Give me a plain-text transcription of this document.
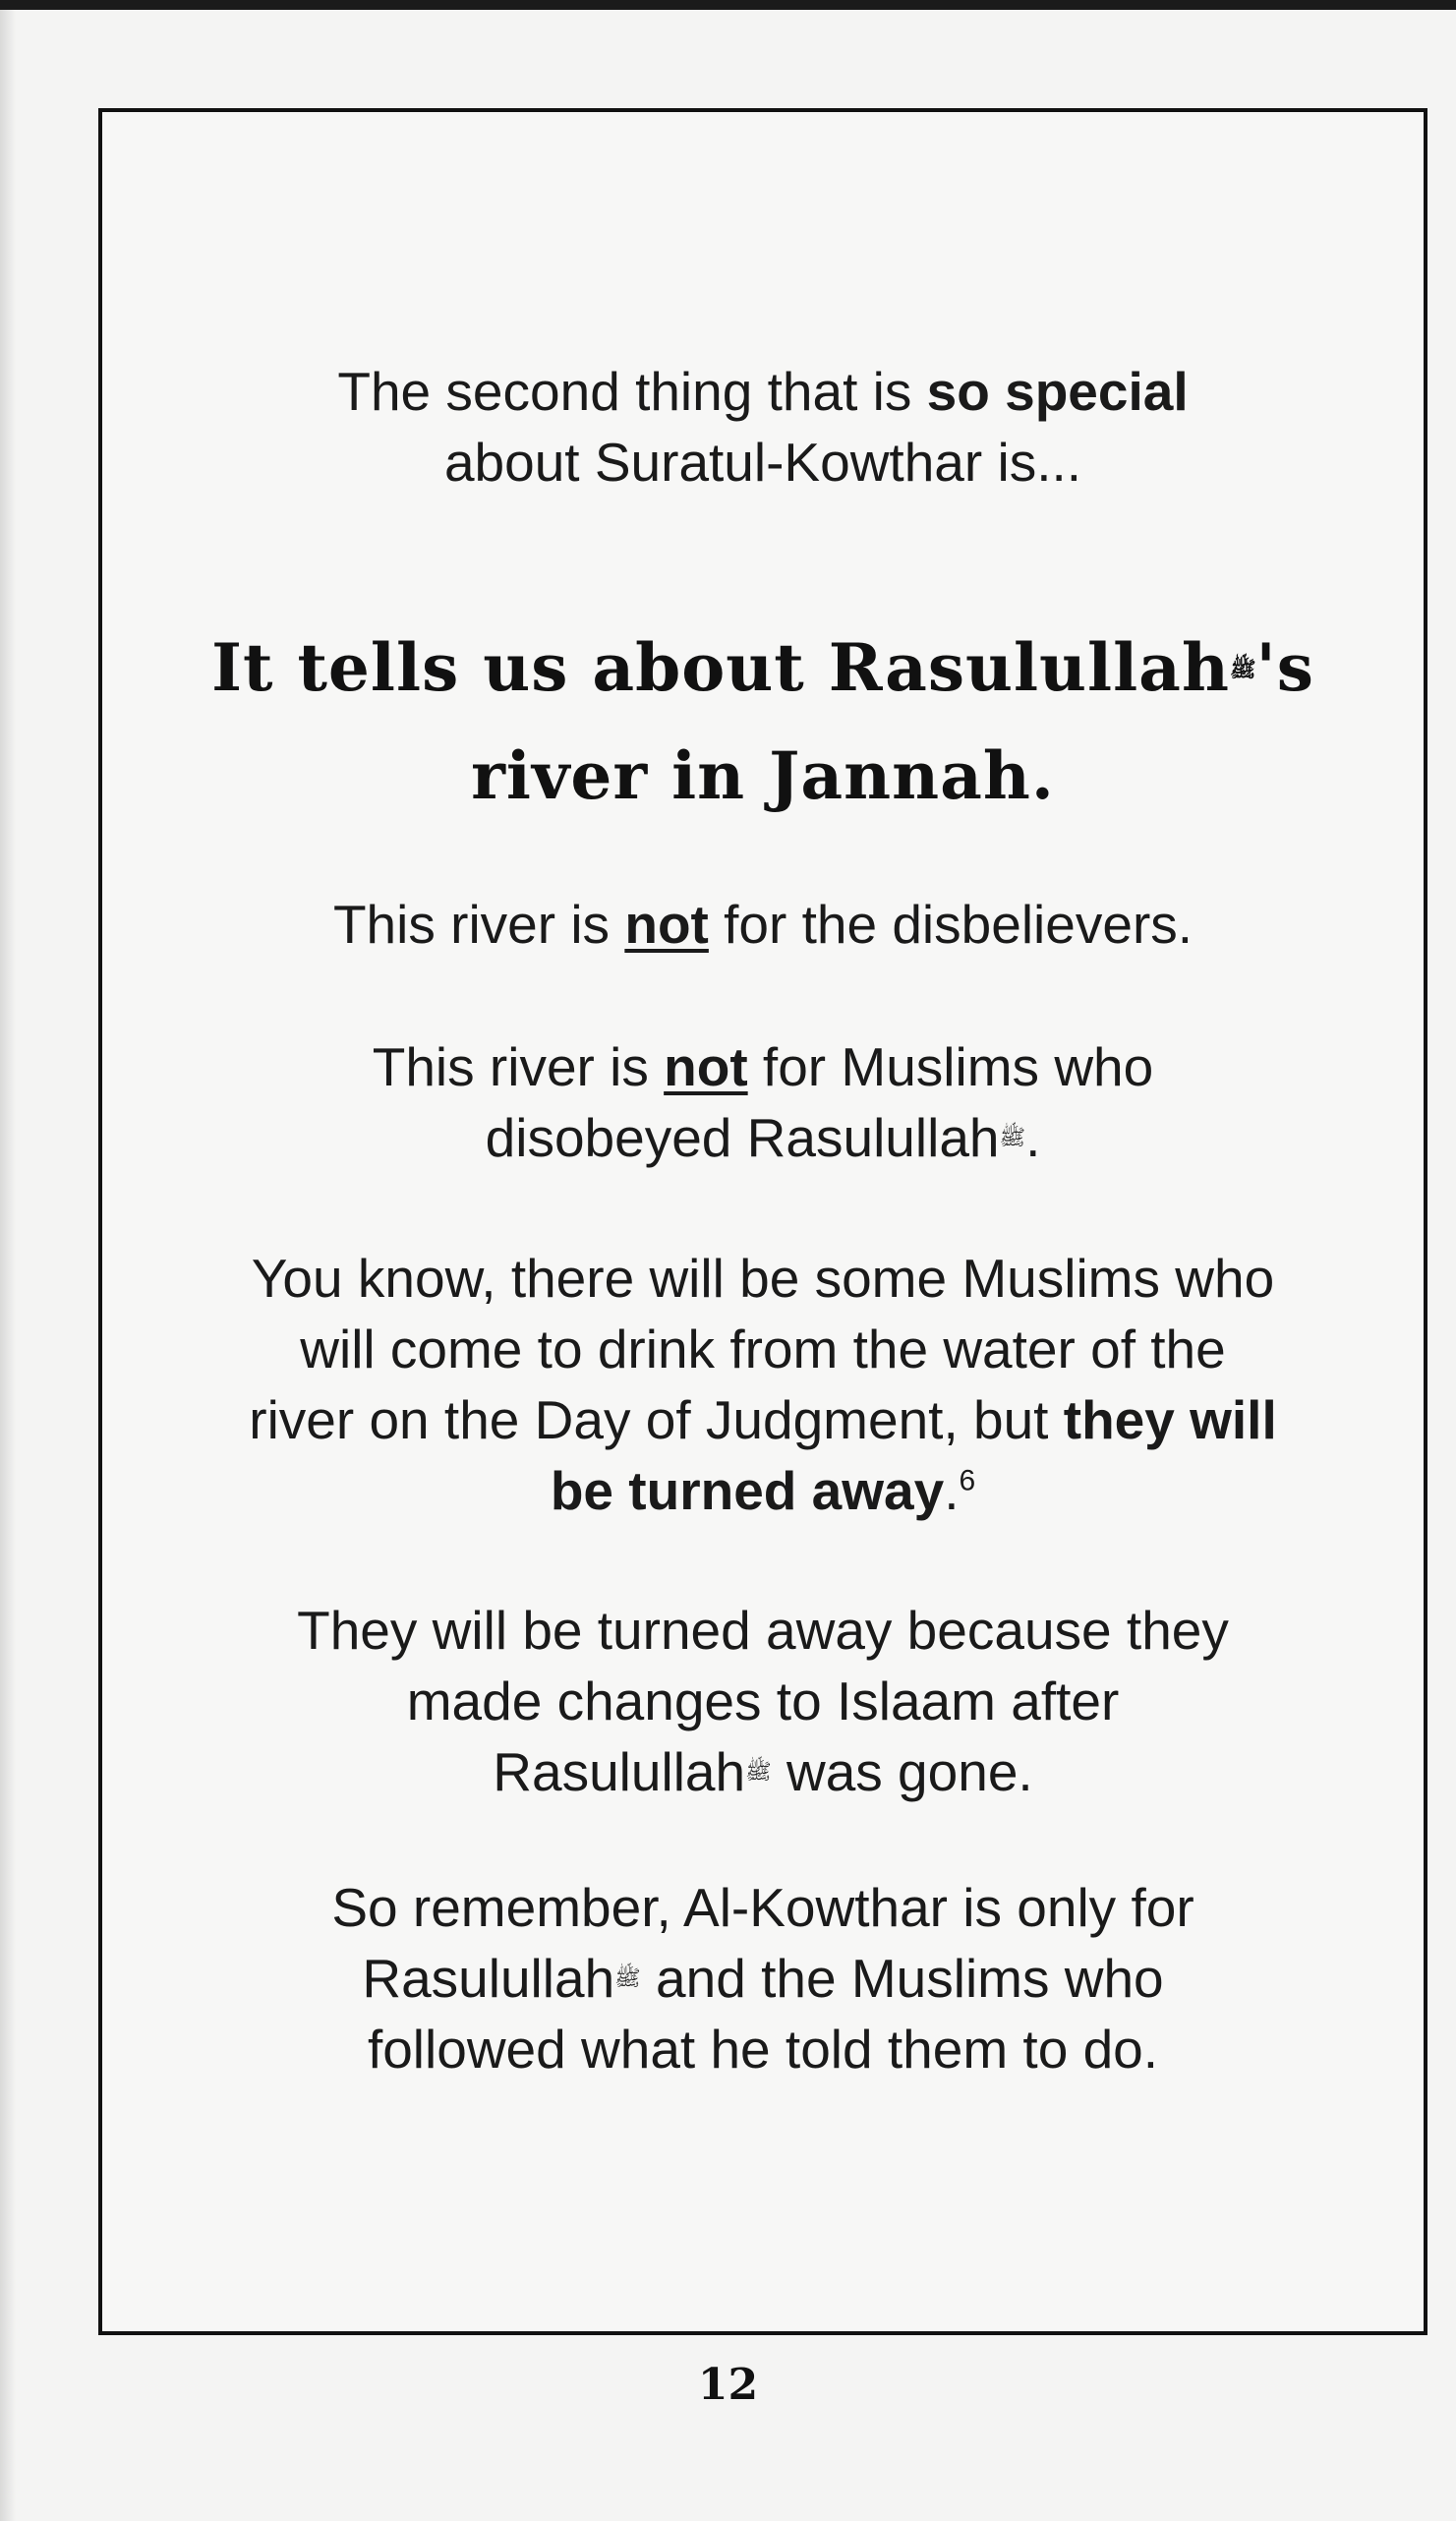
The second thing that is so special
about Suratul-Kowthar is...

It tells us about Rasulullahﷺ's
river in Jannah.

This river is not for the disbelievers.

This river is not for Muslims who
disobeyed Rasulullahﷺ.

You know, there will be some Muslims who
will come to drink from the water of the
river on the Day of Judgment, but they will
be turned away.$^6$

They will be turned away because they
made changes to Islaam after
Rasulullahﷺ was gone.

So remember, Al-Kowthar is only for
Rasulullahﷺ and the Muslims who
followed what he told them to do.

12
